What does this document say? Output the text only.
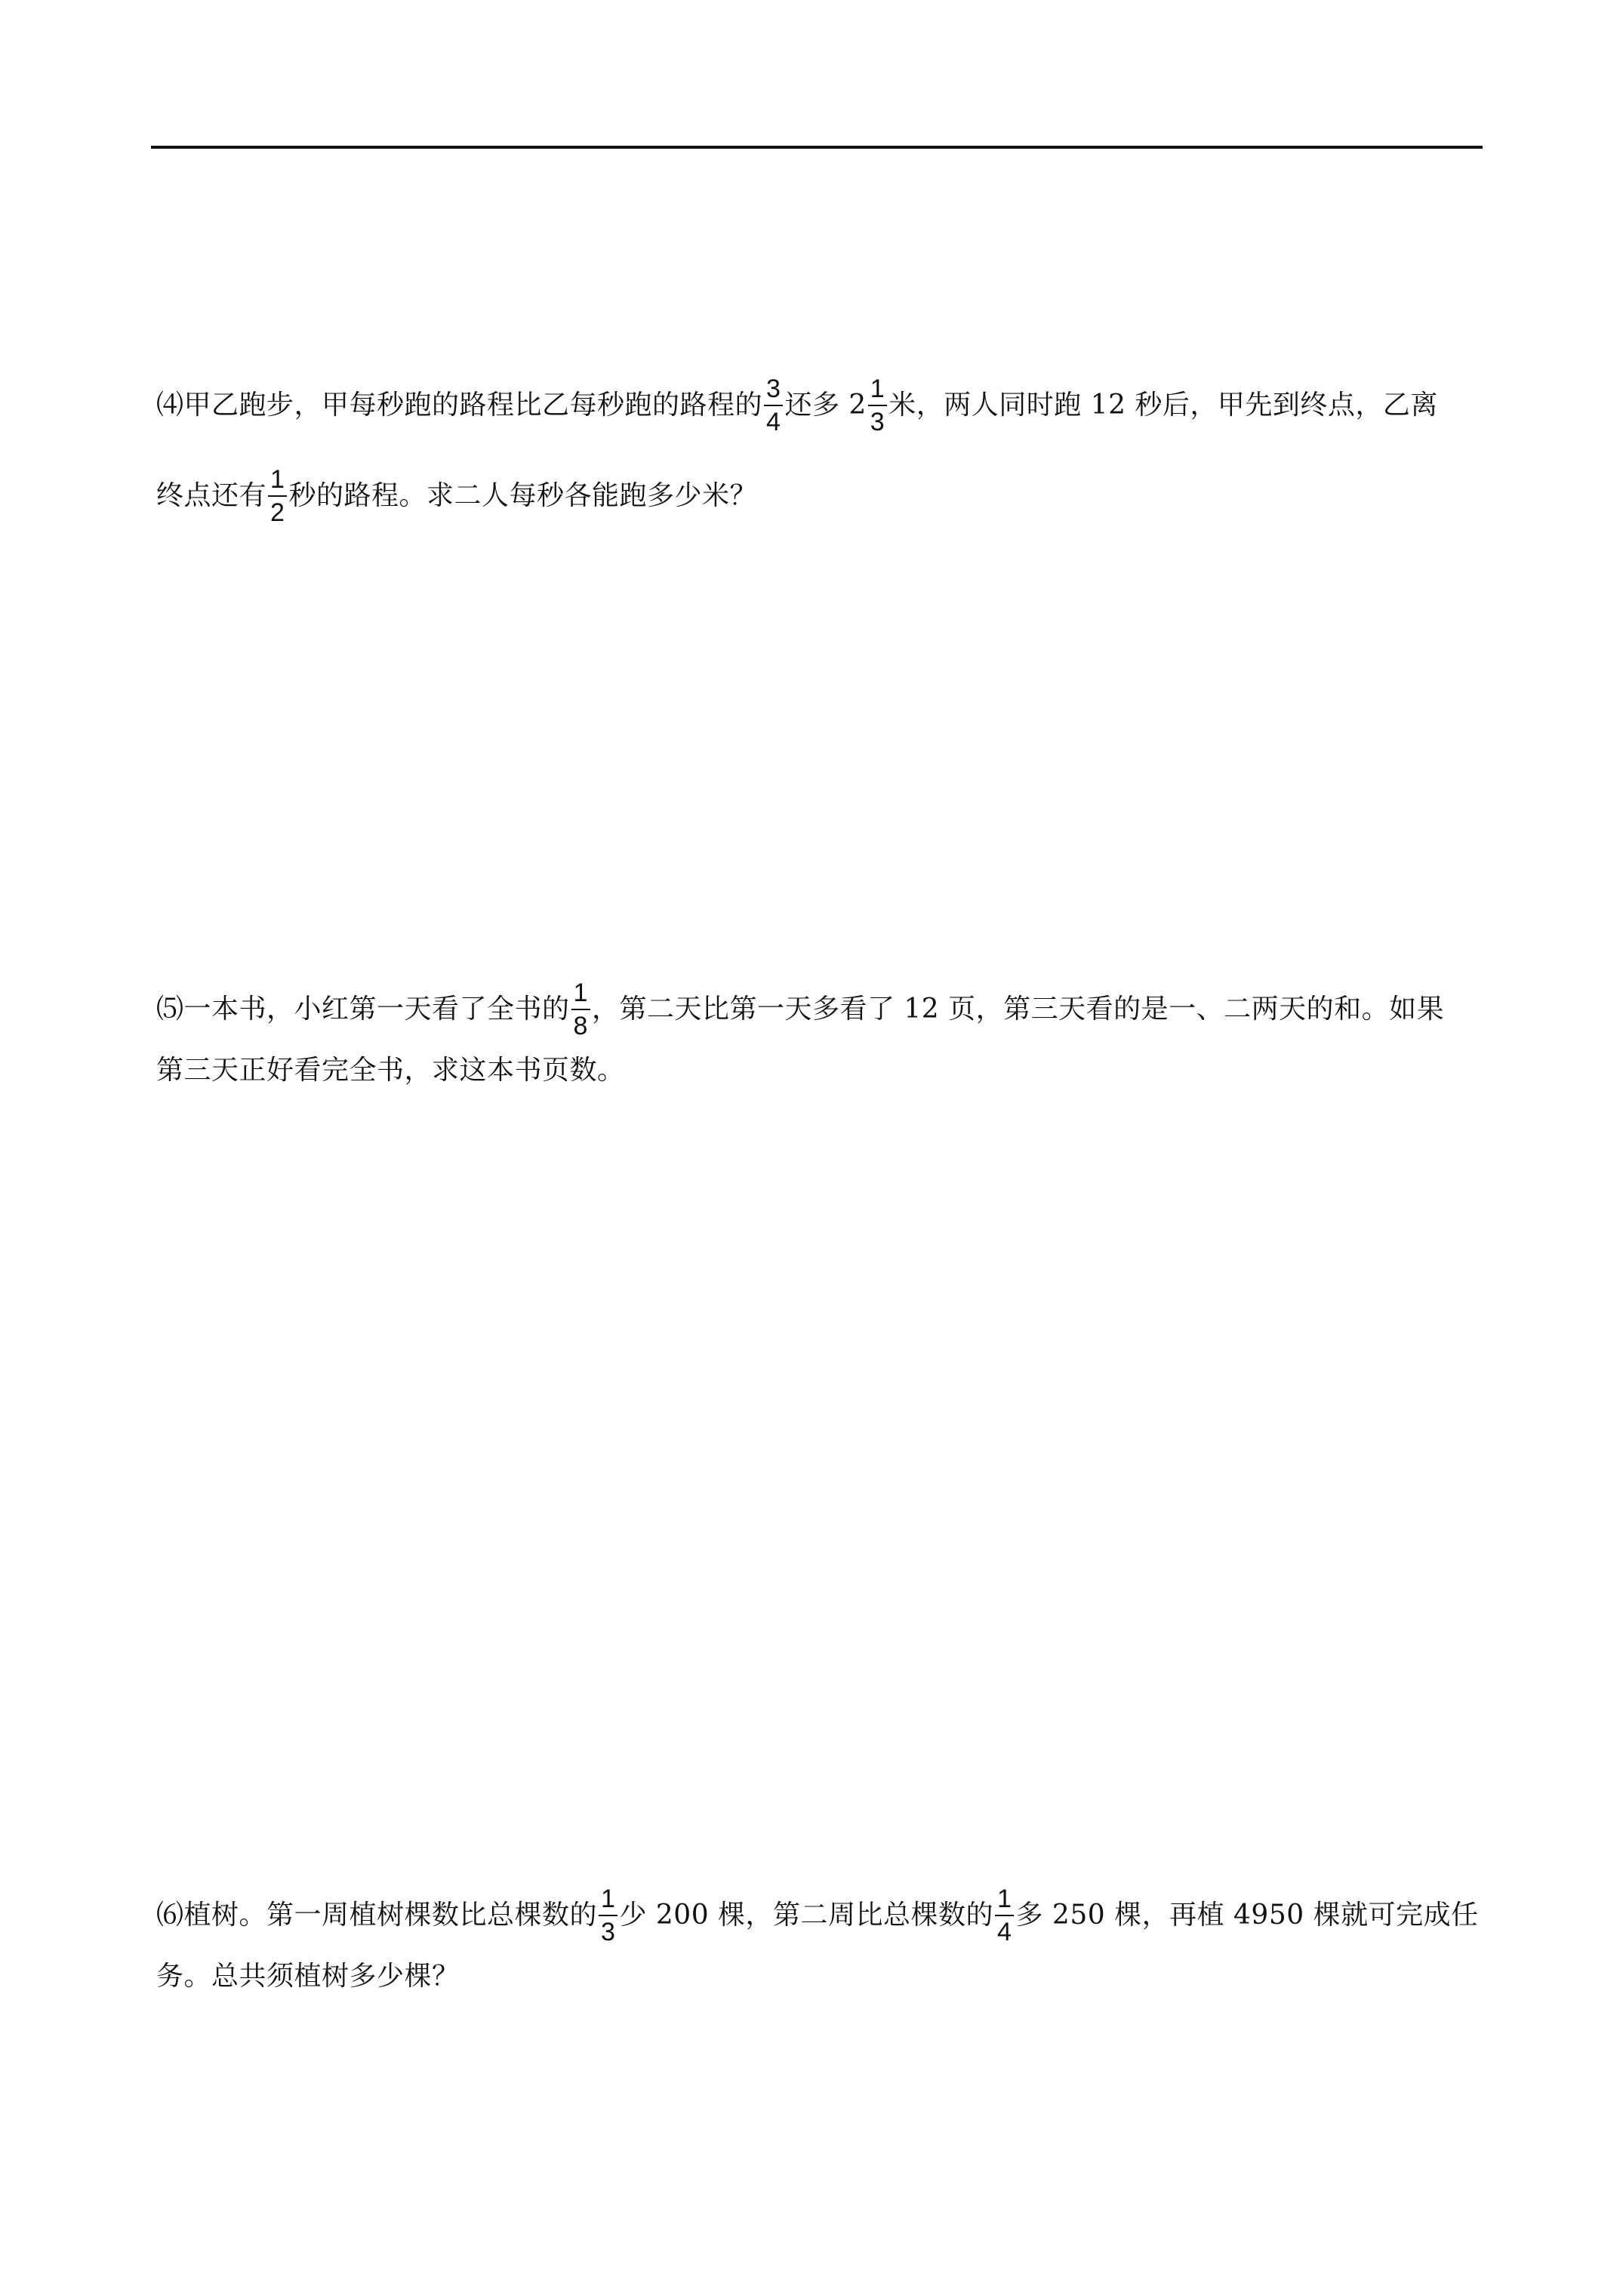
⑷甲乙跑步，甲每秒跑的路程比乙每秒跑的路程的 $\frac{3}{4}$ 还多 $2 \frac{1}{3}$ 米，两人同时跑 12 秒后，甲先到终点，乙离
终点还有 $\frac{1}{2}$ 秒的路程。求二人每秒各能跑多少米？
⑸一本书，小红第一天看了全书的 $\frac{1}{8}$ ，第二天比第一天多看了 12 页，第三天看的是一、二两天的和。如果
第三天正好看完全书，求这本书页数。
⑹植树。第一周植树棵数比总棵数的 $\frac{1}{3}$ 少 200 棵，第二周比总棵数的 $\frac{1}{4}$ 多 250 棵，再植 4950 棵就可完成任
务。总共须植树多少棵？
